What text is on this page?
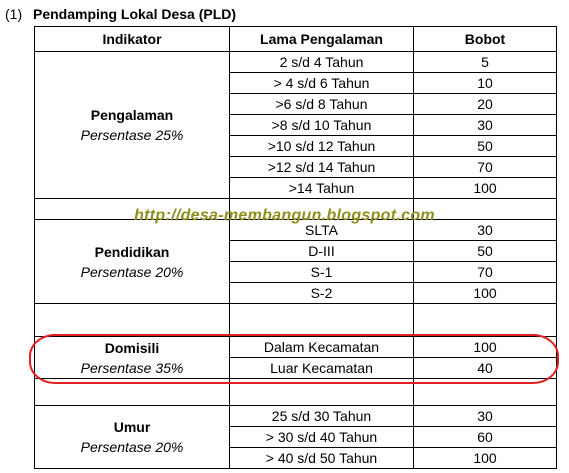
(1) Pendamping Lokal Desa (PLD)
Indikator	Lama Pengalaman	Bobot

Pengalaman
Persentase 25%	2 s/d 4 Tahun	5
	> 4 s/d 6 Tahun	10
	>6 s/d 8 Tahun	20
	>8 s/d 10 Tahun	30
	>10 s/d 12 Tahun	50
	>12 s/d 14 Tahun	70
	>14 Tahun	100

Pendidikan
Persentase 20%	SLTA	30
	D-III	50
	S-1	70
	S-2	100

Domisili
Persentase 35%	Dalam Kecamatan	100
	Luar Kecamatan	40

Umur
Persentase 20%	25 s/d 30 Tahun	30
	> 30 s/d 40 Tahun	60
	> 40 s/d 50 Tahun	100
http://desa-membangun.blogspot.com
